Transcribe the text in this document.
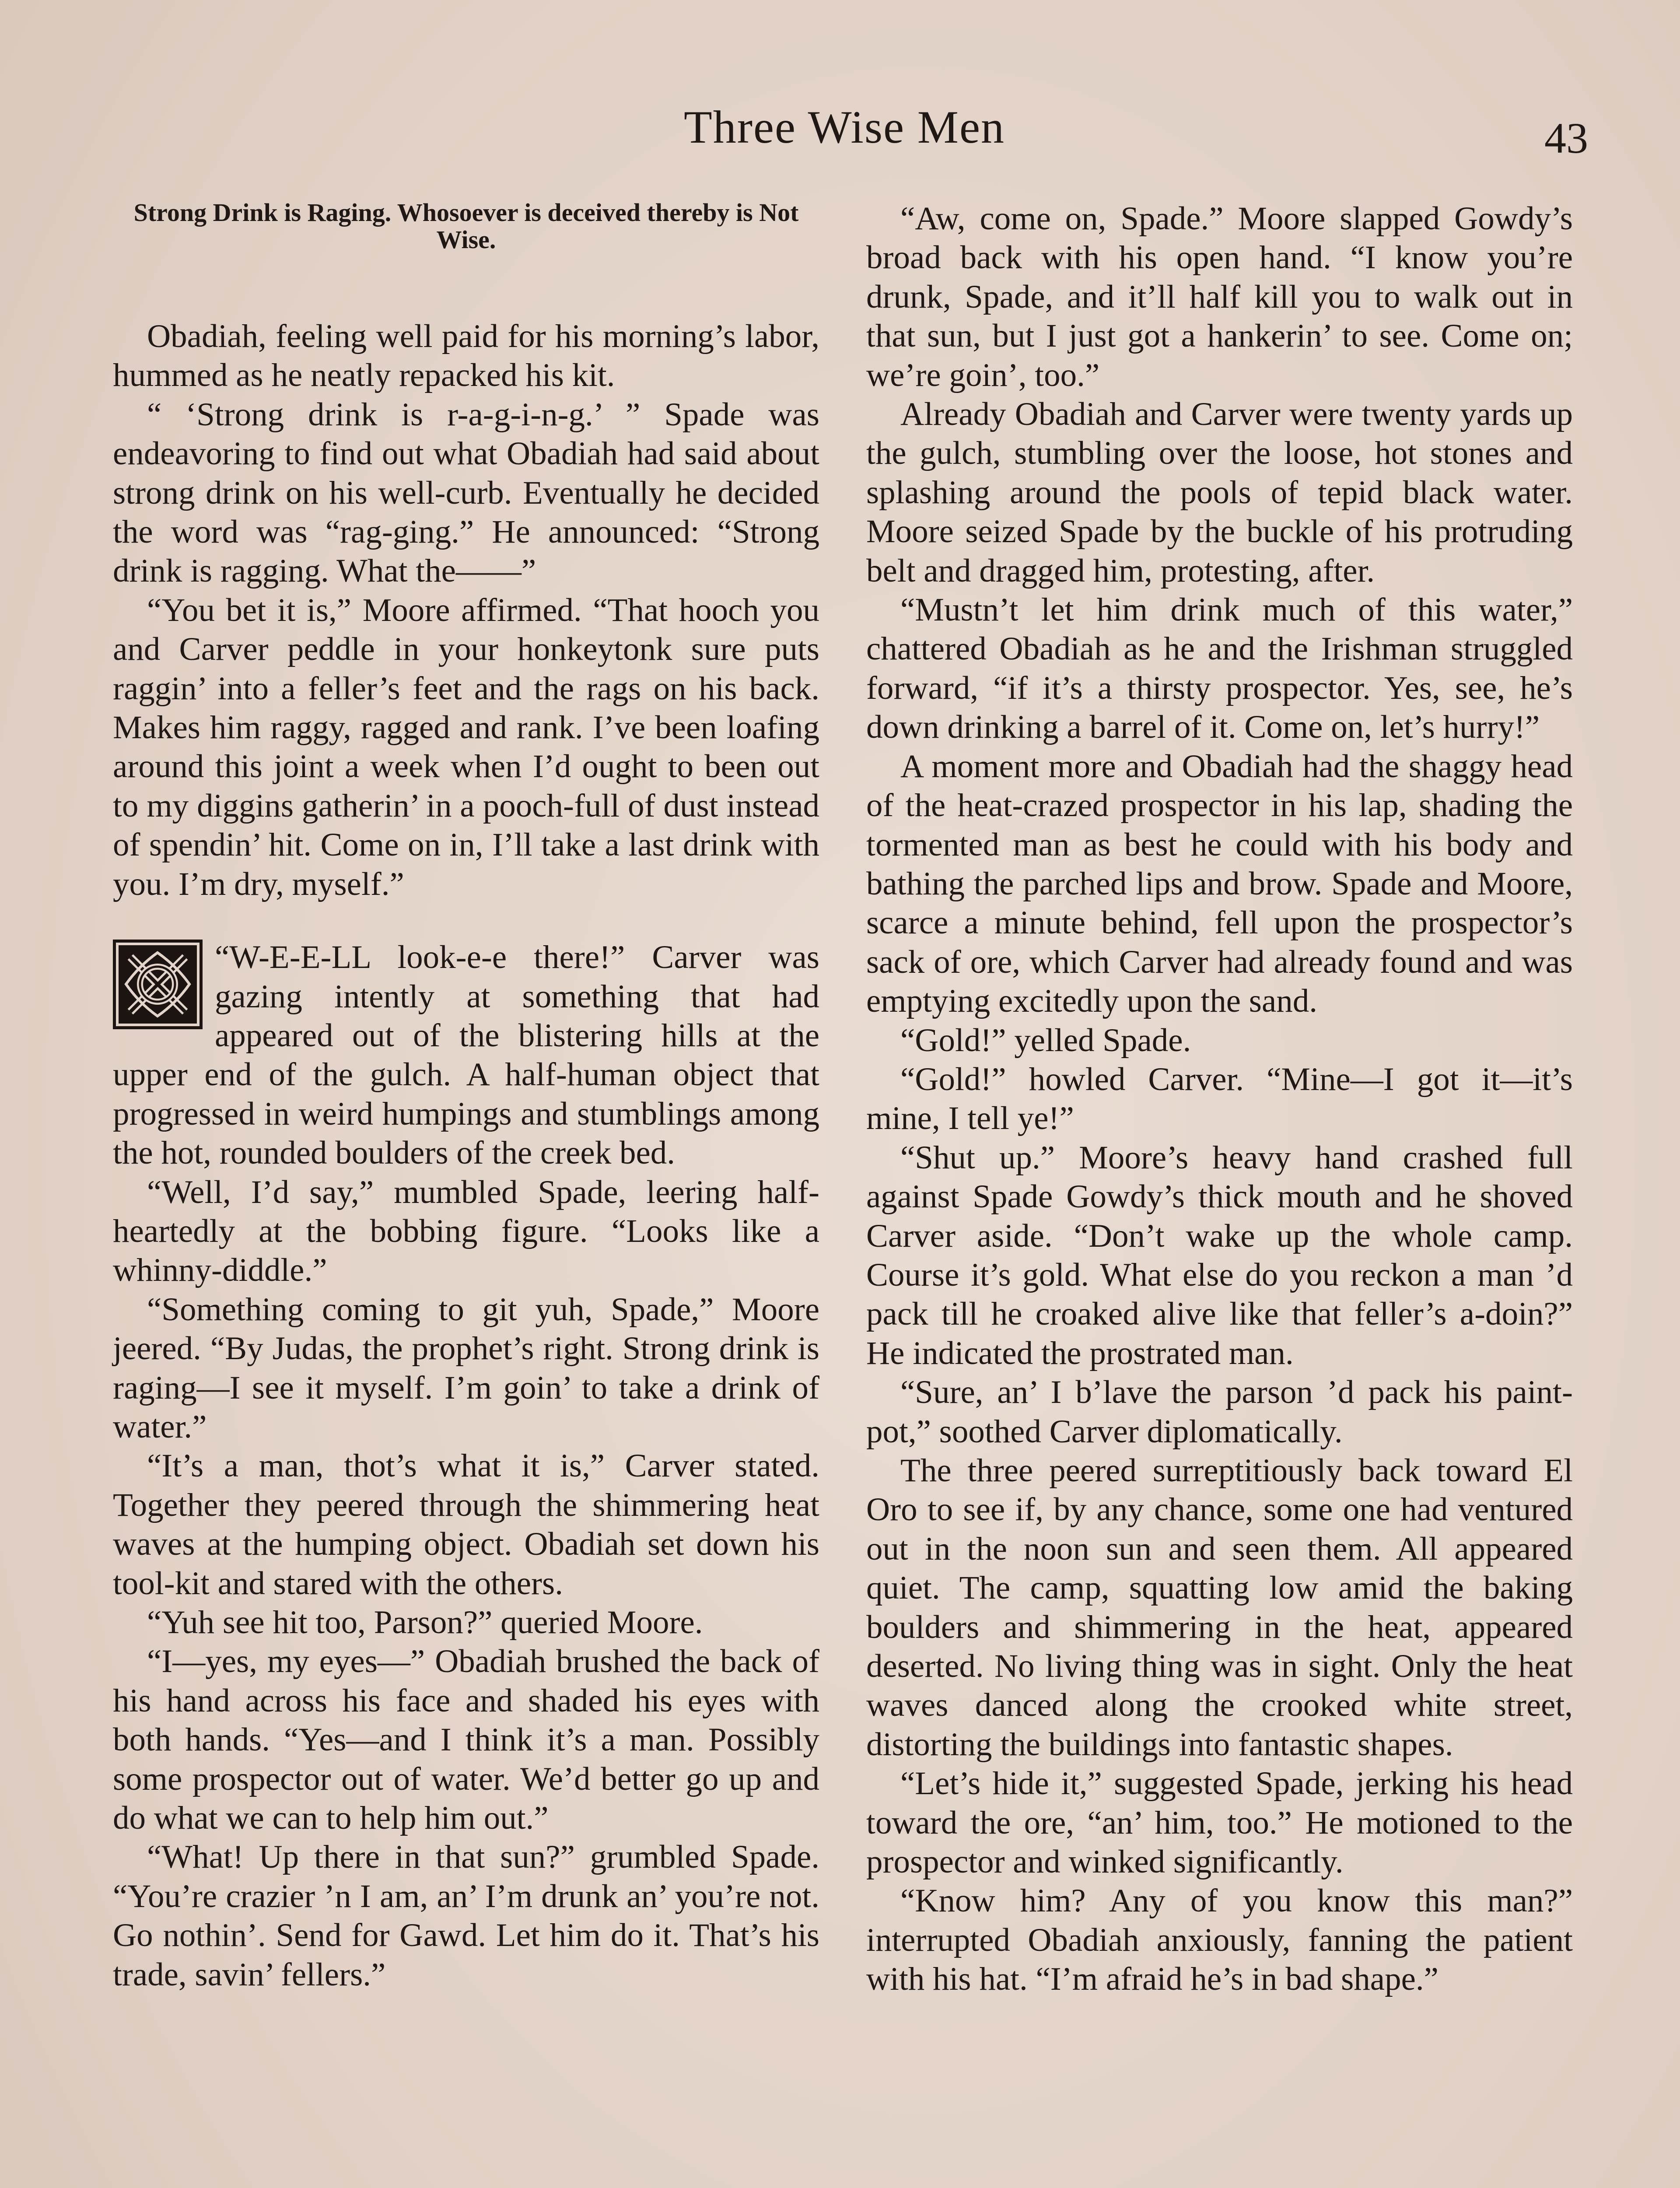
Three Wise Men	43

Strong Drink is Raging. Whosoever is deceived thereby is Not Wise.

Obadiah, feeling well paid for his morning’s labor, hummed as he neatly repacked his kit.

“ ‘Strong drink is r-a-g-i-n-g.’ ” Spade was endeavoring to find out what Obadiah had said about strong drink on his well-curb. Eventually he decided the word was “rag-ging.” He announced: “Strong drink is ragging. What the——”

“You bet it is,” Moore affirmed. “That hooch you and Carver peddle in your honkeytonk sure puts raggin’ into a feller’s feet and the rags on his back. Makes him raggy, ragged and rank. I’ve been loafing around this joint a week when I’d ought to been out to my diggins gatherin’ in a pooch-full of dust instead of spendin’ hit. Come on in, I’ll take a last drink with you. I’m dry, myself.”

“W-E-E-LL look-e-e there!” Carver was gazing intently at something that had appeared out of the blistering hills at the upper end of the gulch. A half-human object that progressed in weird humpings and stumblings among the hot, rounded boulders of the creek bed.

“Well, I’d say,” mumbled Spade, leering half-heartedly at the bobbing figure. “Looks like a whinny-diddle.”

“Something coming to git yuh, Spade,” Moore jeered. “By Judas, the prophet’s right. Strong drink is raging—I see it myself. I’m goin’ to take a drink of water.”

“It’s a man, thot’s what it is,” Carver stated. Together they peered through the shimmering heat waves at the humping object. Obadiah set down his tool-kit and stared with the others.

“Yuh see hit too, Parson?” queried Moore.

“I—yes, my eyes—” Obadiah brushed the back of his hand across his face and shaded his eyes with both hands. “Yes—and I think it’s a man. Possibly some prospector out of water. We’d better go up and do what we can to help him out.”

“What! Up there in that sun?” grumbled Spade. “You’re crazier ’n I am, an’ I’m drunk an’ you’re not. Go nothin’. Send for Gawd. Let him do it. That’s his trade, savin’ fellers.”

“Aw, come on, Spade.” Moore slapped Gowdy’s broad back with his open hand. “I know you’re drunk, Spade, and it’ll half kill you to walk out in that sun, but I just got a hankerin’ to see. Come on; we’re goin’, too.”

Already Obadiah and Carver were twenty yards up the gulch, stumbling over the loose, hot stones and splashing around the pools of tepid black water. Moore seized Spade by the buckle of his protruding belt and dragged him, protesting, after.

“Mustn’t let him drink much of this water,” chattered Obadiah as he and the Irishman struggled forward, “if it’s a thirsty prospector. Yes, see, he’s down drinking a barrel of it. Come on, let’s hurry!”

A moment more and Obadiah had the shaggy head of the heat-crazed prospector in his lap, shading the tormented man as best he could with his body and bathing the parched lips and brow. Spade and Moore, scarce a minute behind, fell upon the prospector’s sack of ore, which Carver had already found and was emptying excitedly upon the sand.

“Gold!” yelled Spade.

“Gold!” howled Carver. “Mine—I got it—it’s mine, I tell ye!”

“Shut up.” Moore’s heavy hand crashed full against Spade Gowdy’s thick mouth and he shoved Carver aside. “Don’t wake up the whole camp. Course it’s gold. What else do you reckon a man ’d pack till he croaked alive like that feller’s a-doin?” He indicated the prostrated man.

“Sure, an’ I b’lave the parson ’d pack his paint-pot,” soothed Carver diplomatically.

The three peered surreptitiously back toward El Oro to see if, by any chance, some one had ventured out in the noon sun and seen them. All appeared quiet. The camp, squatting low amid the baking boulders and shimmering in the heat, appeared deserted. No living thing was in sight. Only the heat waves danced along the crooked white street, distorting the buildings into fantastic shapes.

“Let’s hide it,” suggested Spade, jerking his head toward the ore, “an’ him, too.” He motioned to the prospector and winked significantly.

“Know him? Any of you know this man?” interrupted Obadiah anxiously, fanning the patient with his hat. “I’m afraid he’s in bad shape.”
